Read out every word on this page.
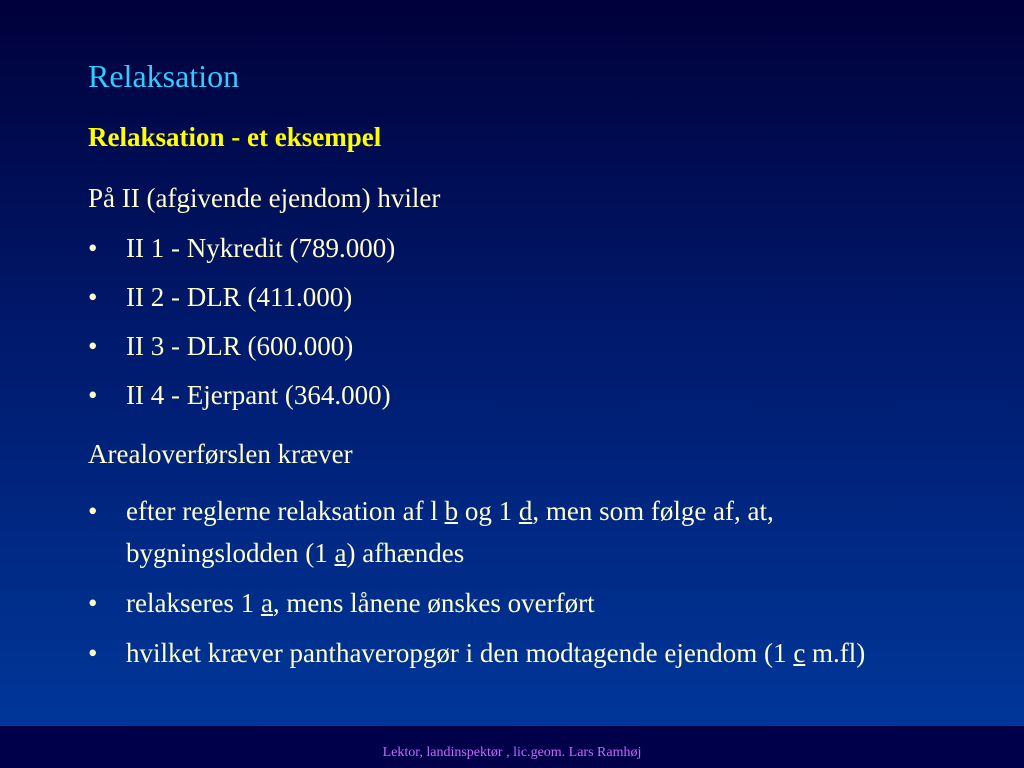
Relaksation
Relaksation - et eksempel

På II (afgivende ejendom) hviler

• II 1 - Nykredit (789.000)
• II 2 - DLR (411.000)
• II 3 - DLR (600.000)
• II 4 - Ejerpant (364.000)

Arealoverførslen kræver

• efter reglerne relaksation af l b og 1 d, men som følge af, at, bygningslodden (1 a) afhændes
• relakseres 1 a, mens lånene ønskes overført
• hvilket kræver panthaveropgør i den modtagende ejendom (1 c m.fl)
Lektor, landinspektør , lic.geom. Lars Ramhøj
